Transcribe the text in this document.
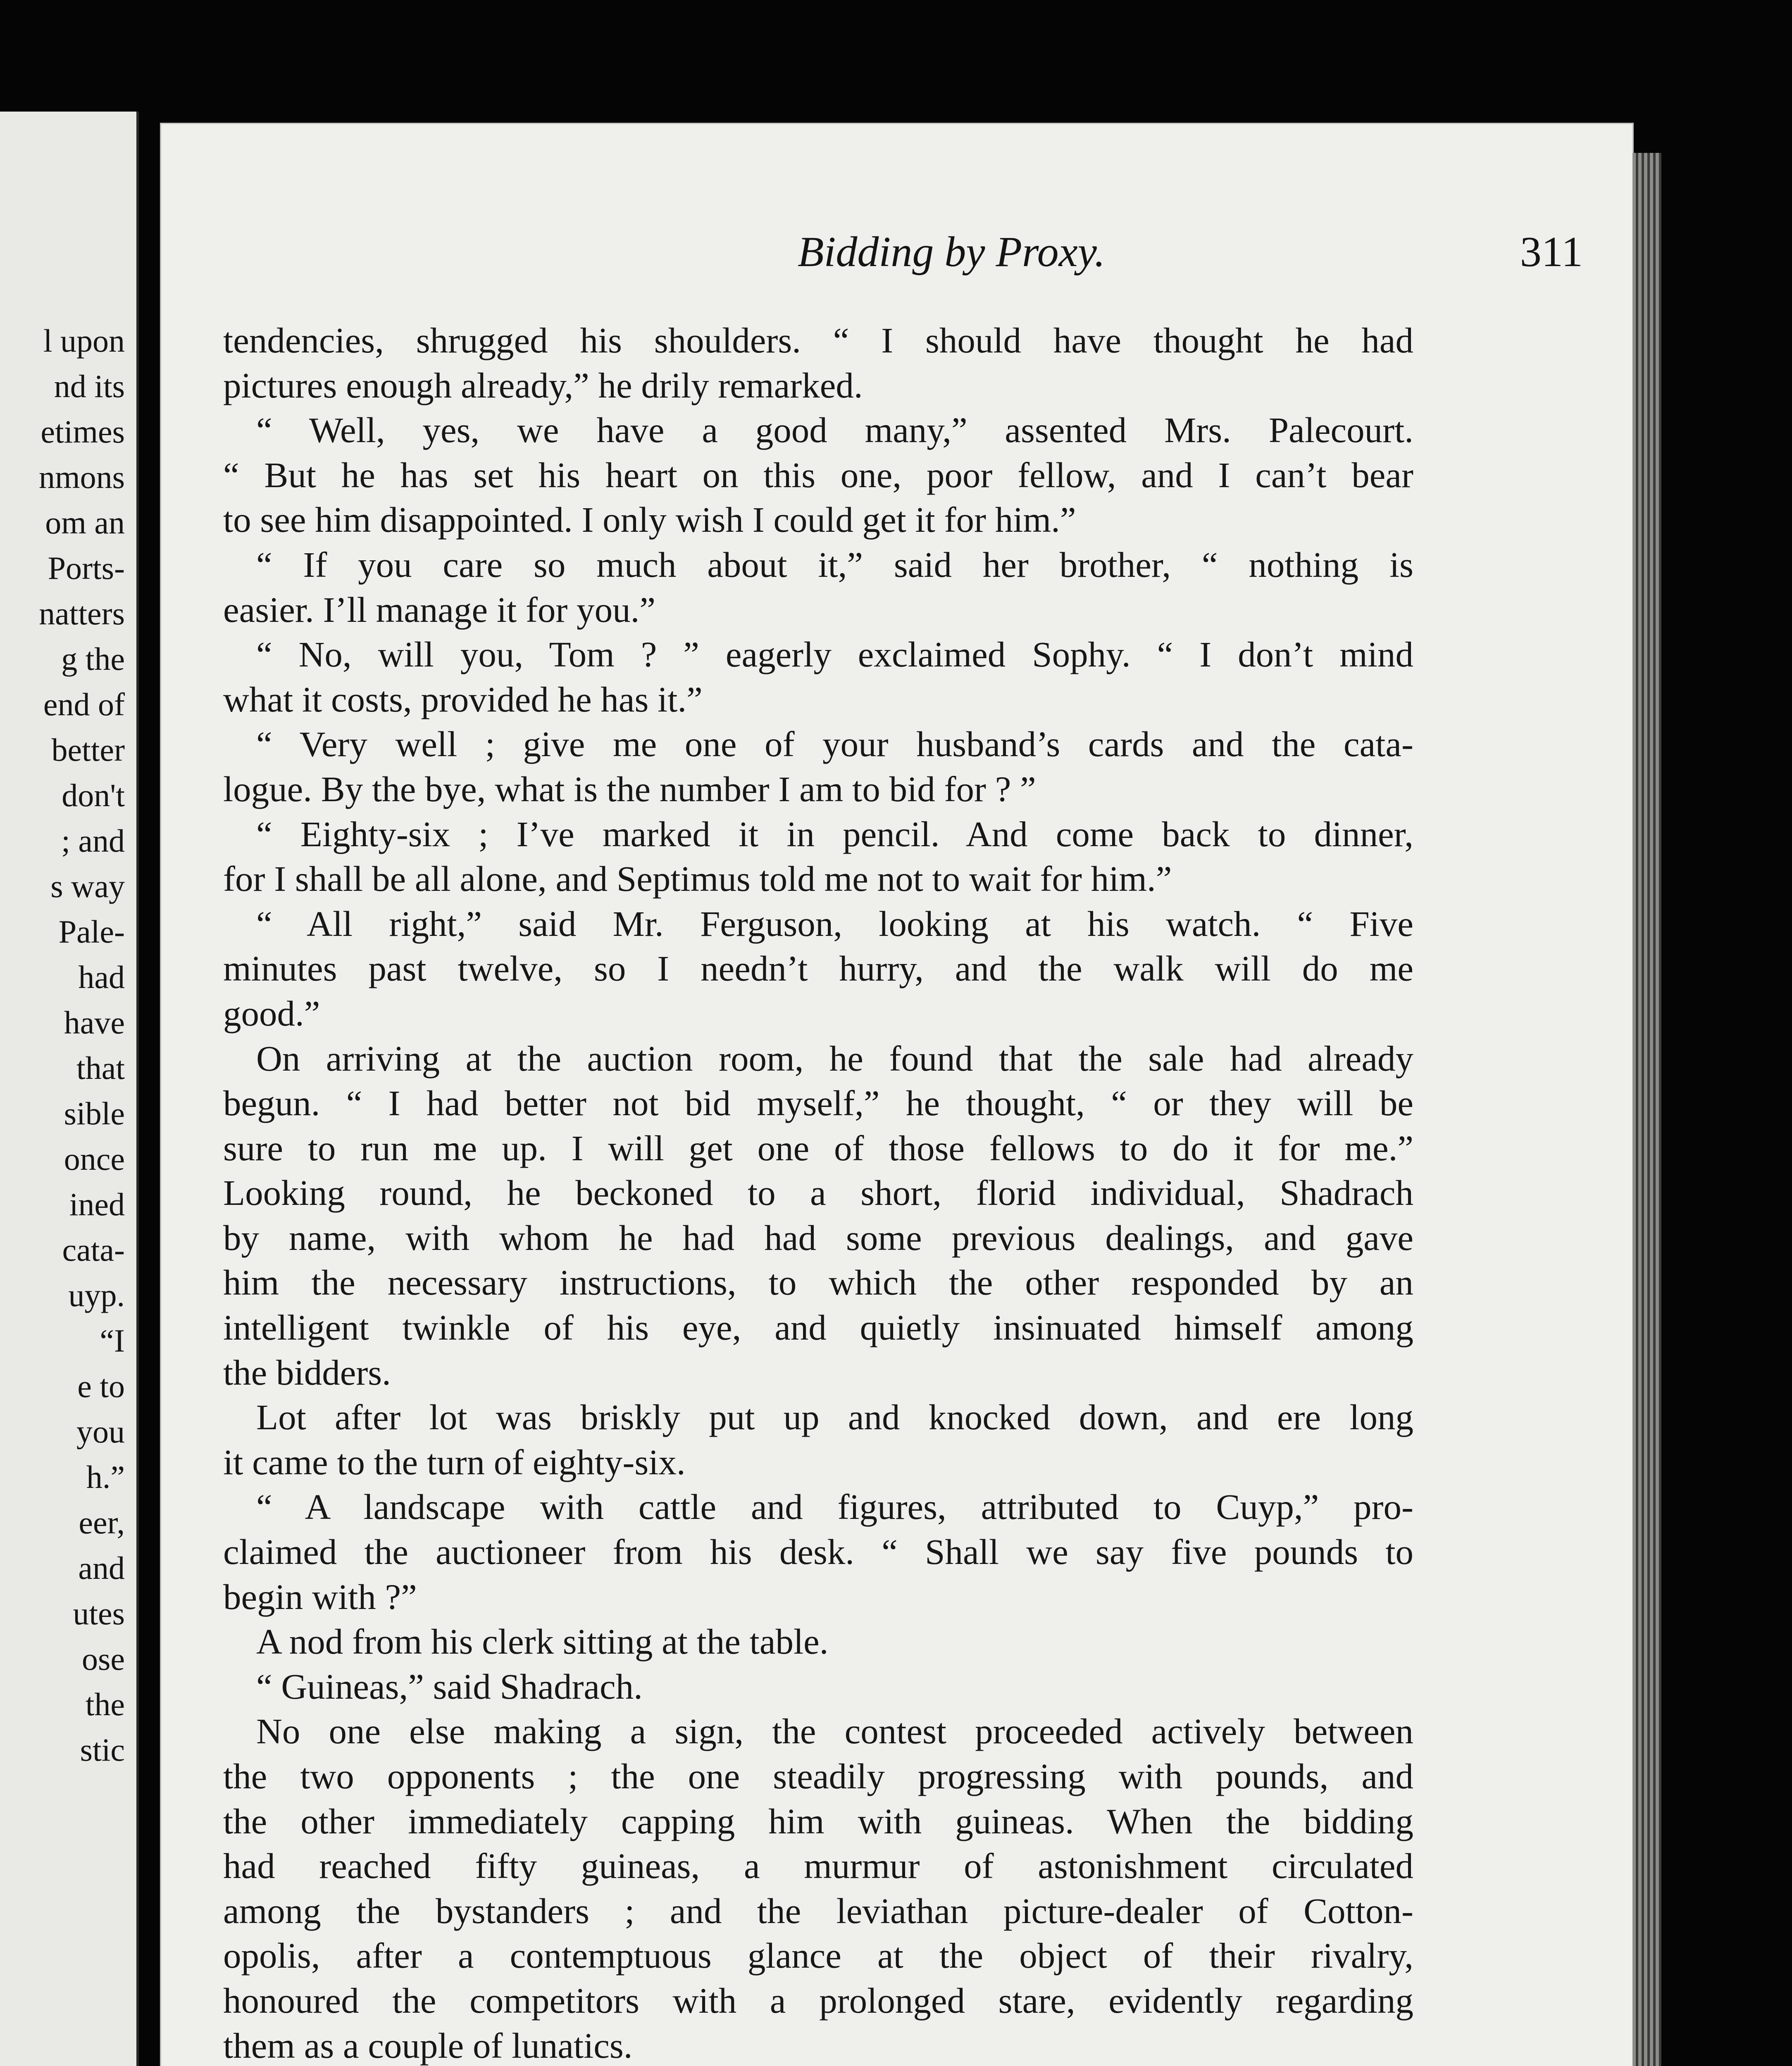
l upon
nd its
etimes
nmons
om an
Ports-
natters
g the
end of
better
don't
; and
s way
Pale-
had
have
that
sible
once
ined
cata-
uyp.
“I
e to
you
h.”
eer,
and
utes
ose
the
stic
Bidding by Proxy.	311
tendencies, shrugged his shoulders. “ I should have thought he had
pictures enough already,” he drily remarked.
“ Well, yes, we have a good many,” assented Mrs. Palecourt.
“ But he has set his heart on this one, poor fellow, and I can’t bear
to see him disappointed. I only wish I could get it for him.”
“ If you care so much about it,” said her brother, “ nothing is
easier. I’ll manage it for you.”
“ No, will you, Tom ? ” eagerly exclaimed Sophy. “ I don’t mind
what it costs, provided he has it.”
“ Very well ; give me one of your husband’s cards and the cata-
logue. By the bye, what is the number I am to bid for ? ”
“ Eighty-six ; I’ve marked it in pencil. And come back to dinner,
for I shall be all alone, and Septimus told me not to wait for him.”
“ All right,” said Mr. Ferguson, looking at his watch. “ Five
minutes past twelve, so I needn’t hurry, and the walk will do me
good.”
On arriving at the auction room, he found that the sale had already
begun. “ I had better not bid myself,” he thought, “ or they will be
sure to run me up. I will get one of those fellows to do it for me.”
Looking round, he beckoned to a short, florid individual, Shadrach
by name, with whom he had had some previous dealings, and gave
him the necessary instructions, to which the other responded by an
intelligent twinkle of his eye, and quietly insinuated himself among
the bidders.
Lot after lot was briskly put up and knocked down, and ere long
it came to the turn of eighty-six.
“ A landscape with cattle and figures, attributed to Cuyp,” pro-
claimed the auctioneer from his desk. “ Shall we say five pounds to
begin with ?”
A nod from his clerk sitting at the table.
“ Guineas,” said Shadrach.
No one else making a sign, the contest proceeded actively between
the two opponents ; the one steadily progressing with pounds, and
the other immediately capping him with guineas. When the bidding
had reached fifty guineas, a murmur of astonishment circulated
among the bystanders ; and the leviathan picture-dealer of Cotton-
opolis, after a contemptuous glance at the object of their rivalry,
honoured the competitors with a prolonged stare, evidently regarding
them as a couple of lunatics.
